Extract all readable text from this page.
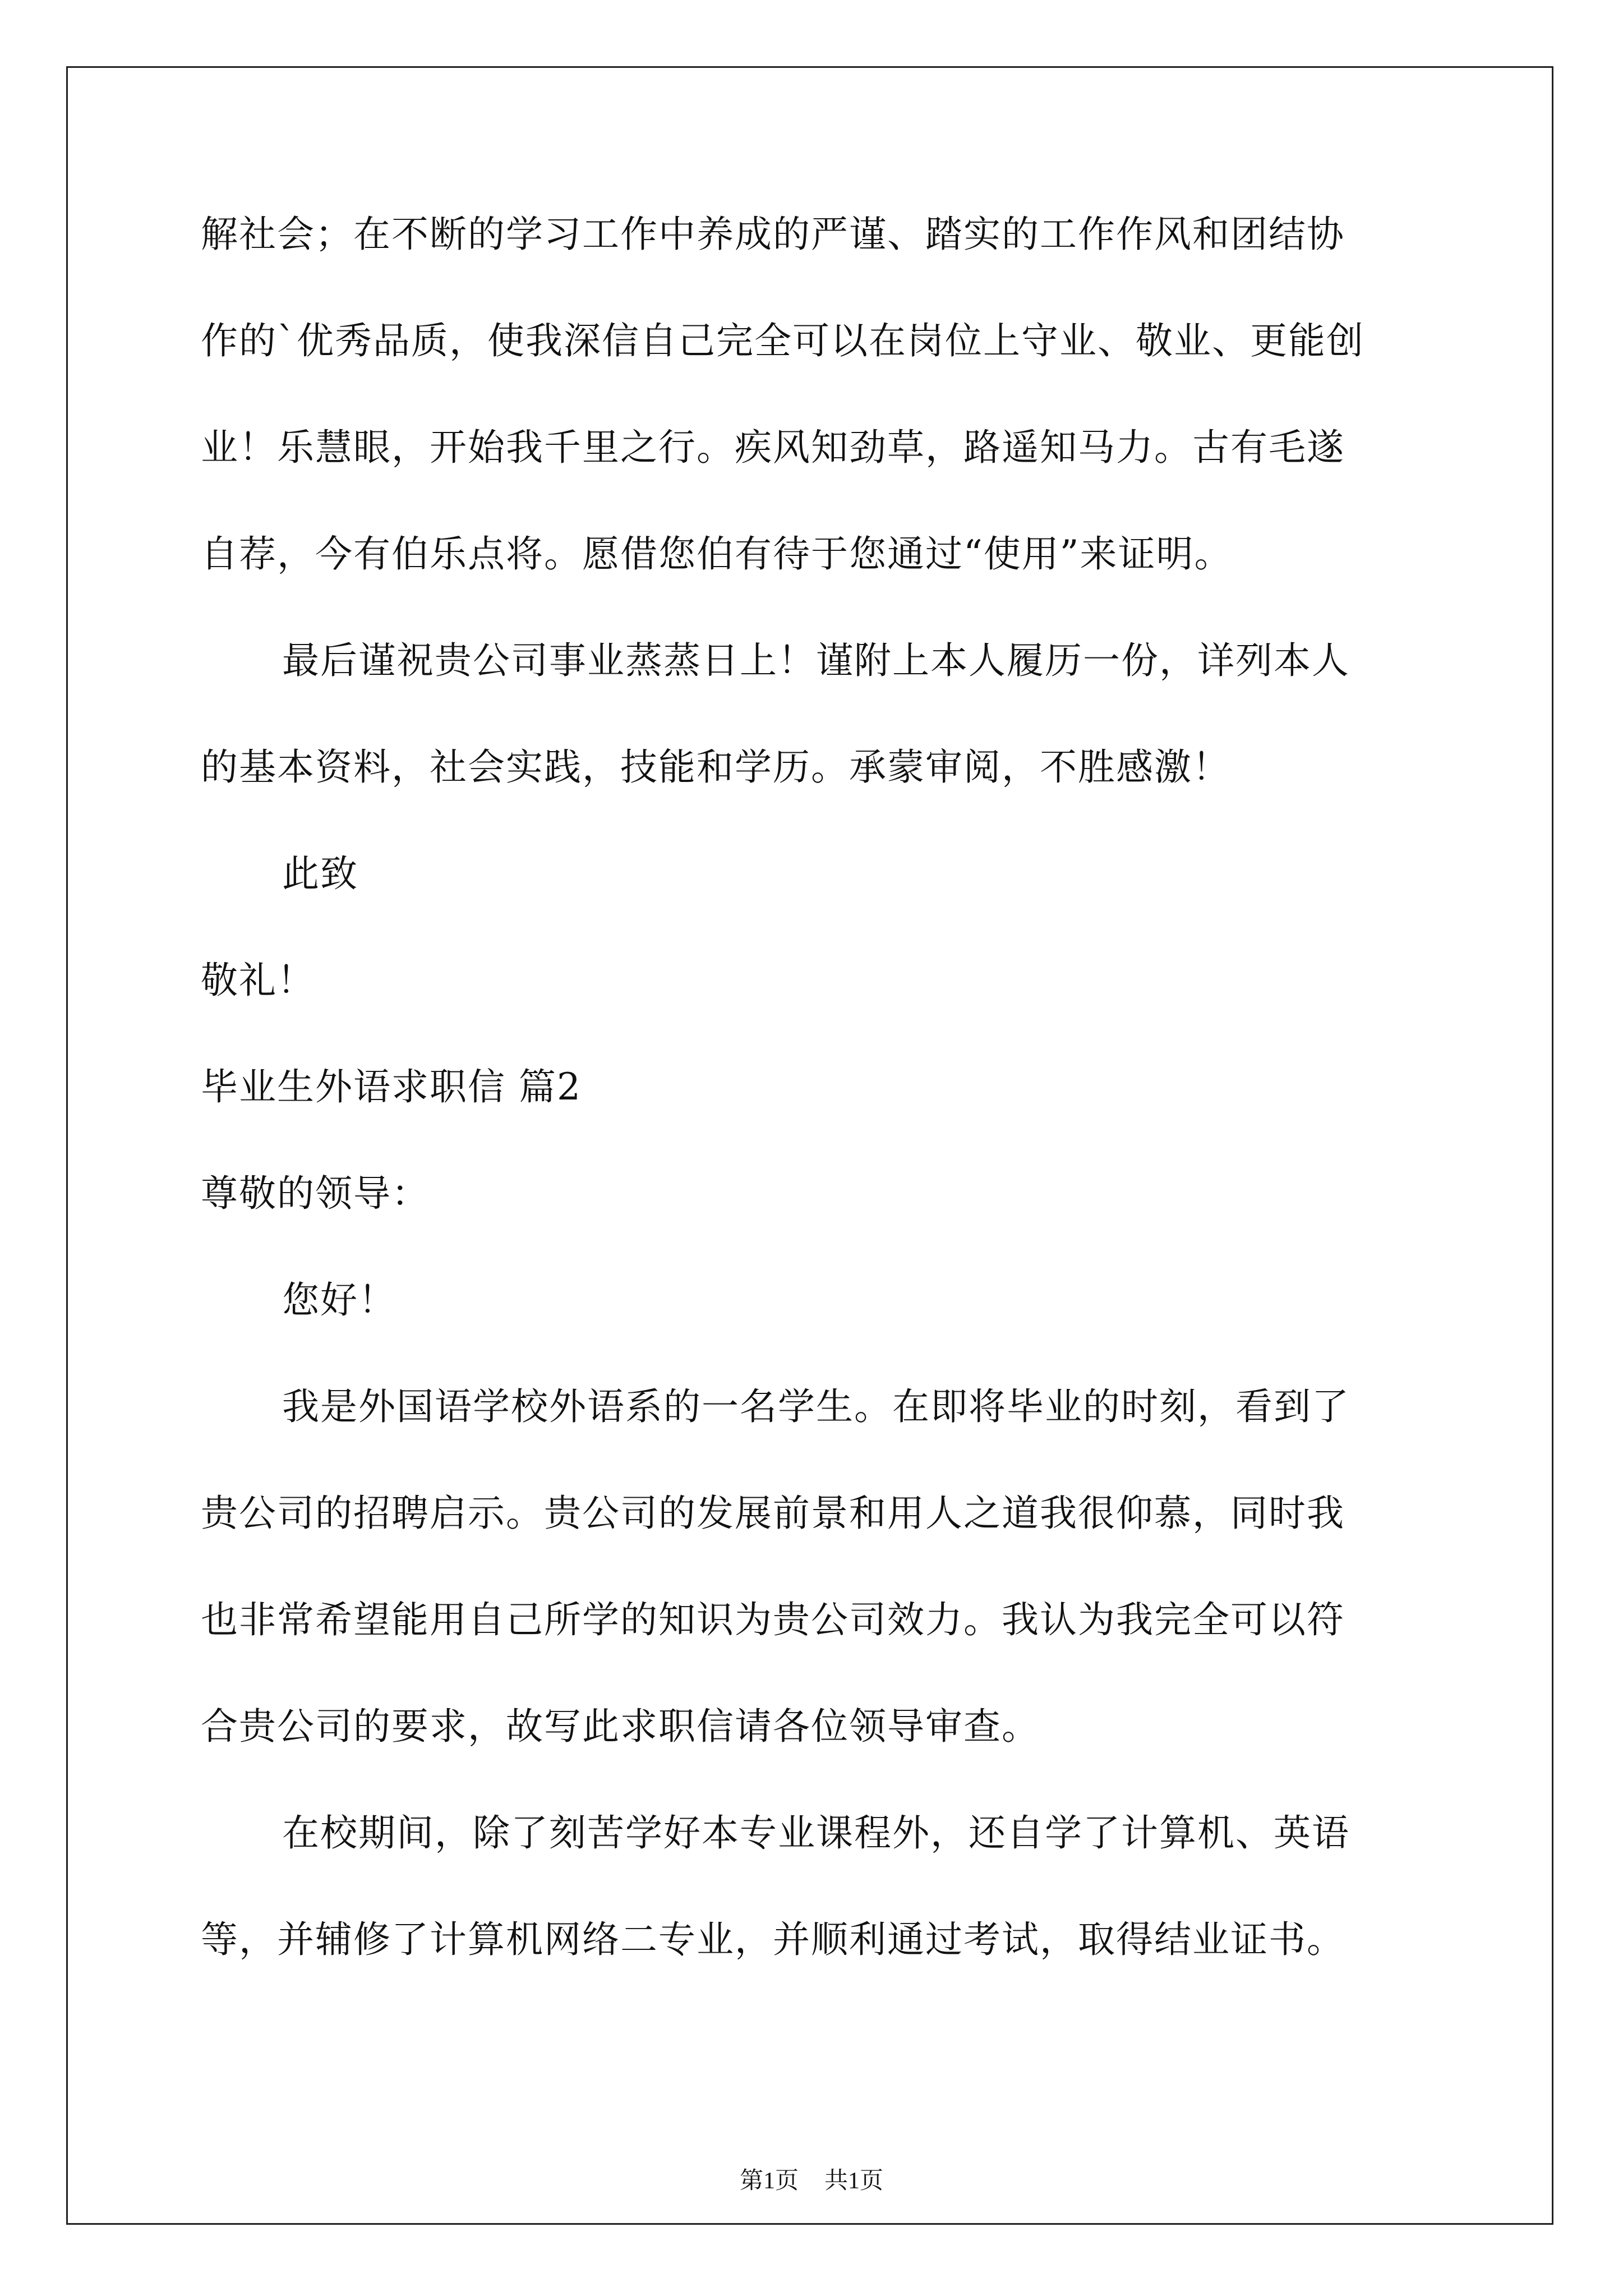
解社会；在不断的学习工作中养成的严谨、踏实的工作作风和团结协
作的`优秀品质，使我深信自己完全可以在岗位上守业、敬业、更能创
业！乐慧眼，开始我千里之行。疾风知劲草，路遥知马力。古有毛遂
自荐，今有伯乐点将。愿借您伯有待于您通过“使用”来证明。
最后谨祝贵公司事业蒸蒸日上！谨附上本人履历一份，详列本人
的基本资料，社会实践，技能和学历。承蒙审阅，不胜感激！
此致
敬礼！
毕业生外语求职信 篇2
尊敬的领导：
您好！
我是外国语学校外语系的一名学生。在即将毕业的时刻，看到了
贵公司的招聘启示。贵公司的发展前景和用人之道我很仰慕，同时我
也非常希望能用自己所学的知识为贵公司效力。我认为我完全可以符
合贵公司的要求，故写此求职信请各位领导审查。
在校期间，除了刻苦学好本专业课程外，还自学了计算机、英语
等，并辅修了计算机网络二专业，并顺利通过考试，取得结业证书。
第1页 共1页
